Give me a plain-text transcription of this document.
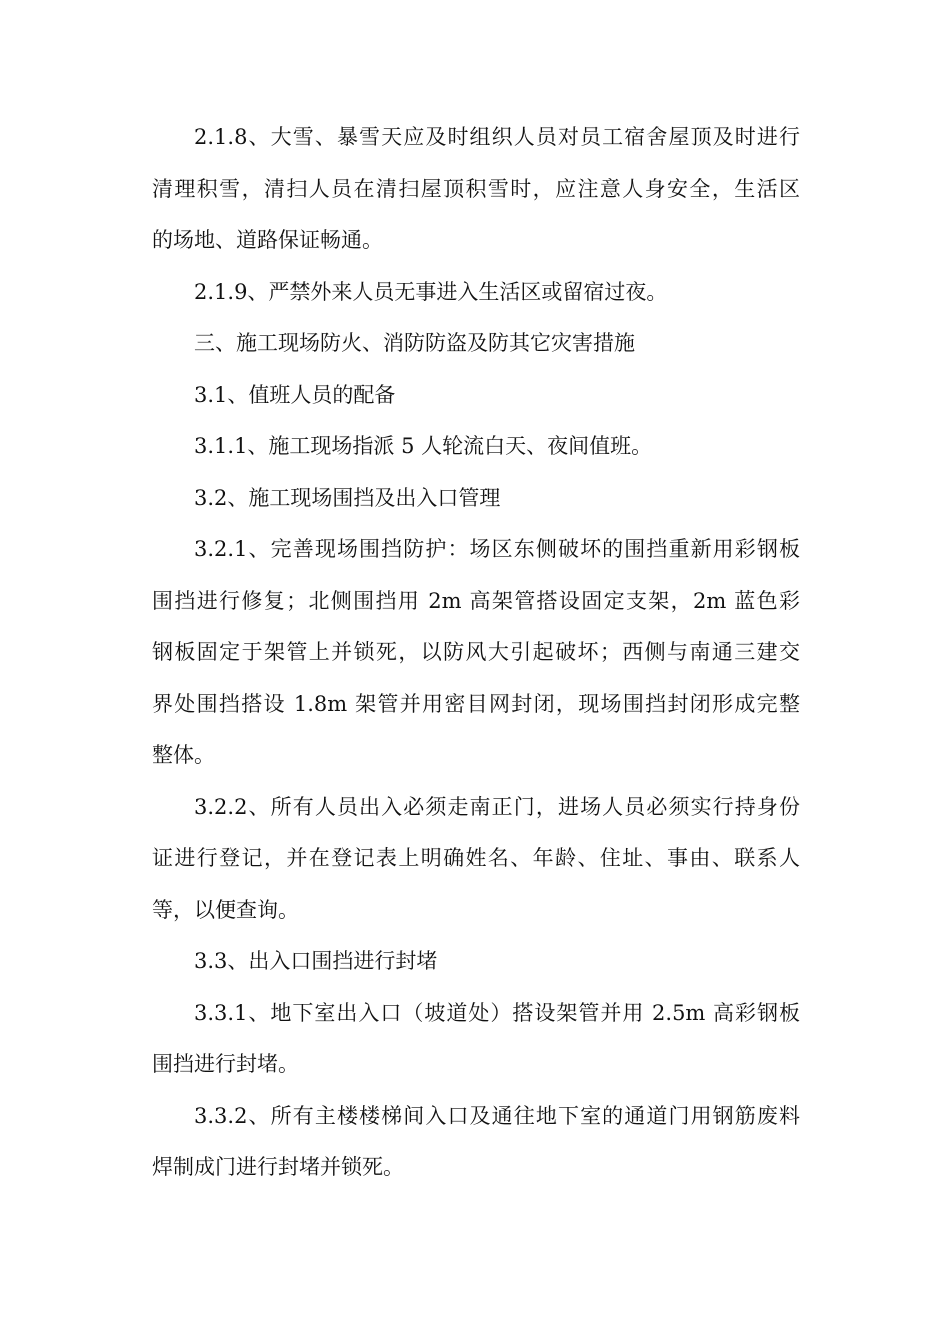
2.1.8、大雪、暴雪天应及时组织人员对员工宿舍屋顶及时进行
清理积雪，清扫人员在清扫屋顶积雪时，应注意人身安全，生活区
的场地、道路保证畅通。
2.1.9、严禁外来人员无事进入生活区或留宿过夜。
三、施工现场防火、消防防盗及防其它灾害措施
3.1、值班人员的配备
3.1.1、施工现场指派 5 人轮流白天、夜间值班。
3.2、施工现场围挡及出入口管理
3.2.1、完善现场围挡防护：场区东侧破坏的围挡重新用彩钢板
围挡进行修复；北侧围挡用 2m 高架管搭设固定支架，2m 蓝色彩
钢板固定于架管上并锁死，以防风大引起破坏；西侧与南通三建交
界处围挡搭设 1.8m 架管并用密目网封闭，现场围挡封闭形成完整
整体。
3.2.2、所有人员出入必须走南正门，进场人员必须实行持身份
证进行登记，并在登记表上明确姓名、年龄、住址、事由、联系人
等，以便查询。
3.3、出入口围挡进行封堵
3.3.1、地下室出入口（坡道处）搭设架管并用 2.5m 高彩钢板
围挡进行封堵。
3.3.2、所有主楼楼梯间入口及通往地下室的通道门用钢筋废料
焊制成门进行封堵并锁死。
